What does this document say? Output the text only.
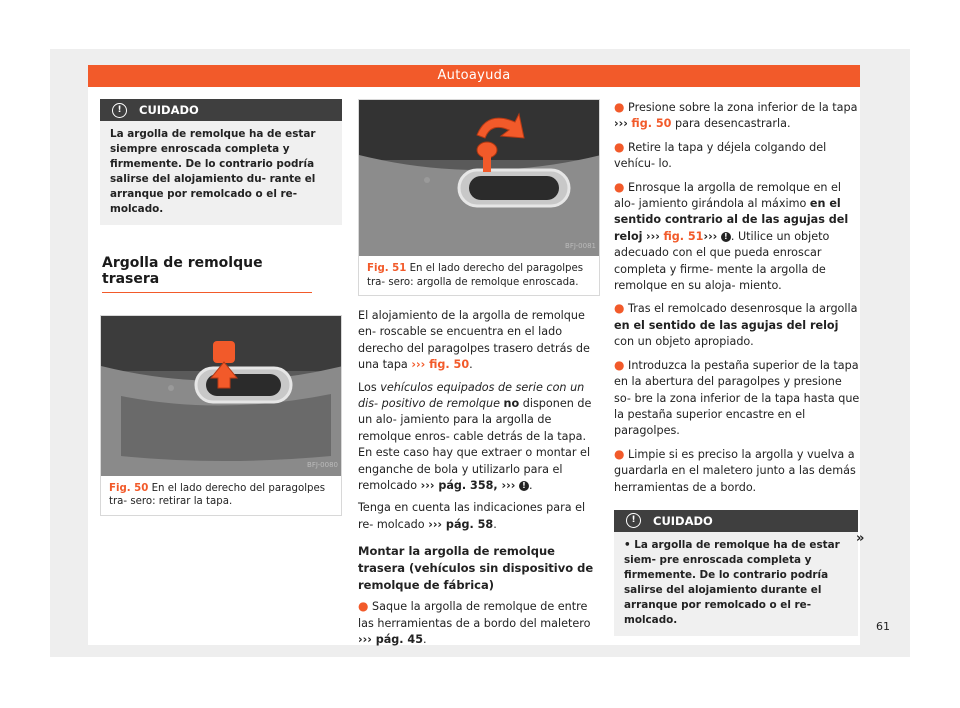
Autoayuda
!	CUIDADO
La argolla de remolque ha de estar siempre enroscada completa y firmemente. De lo contrario podría salirse del alojamiento du- rante el arranque por remolcado o el re- molcado.
Argolla de remolque trasera
BFJ-0080
Fig. 50 En el lado derecho del paragolpes tra- sero: retirar la tapa.
BFJ-0081
Fig. 51 En el lado derecho del paragolpes tra- sero: argolla de remolque enroscada.

El alojamiento de la argolla de remolque en- roscable se encuentra en el lado derecho del paragolpes trasero detrás de una tapa ››› fig. 50.

Los vehículos equipados de serie con un dis- positivo de remolque no disponen de un alo- jamiento para la argolla de remolque enros- cable detrás de la tapa. En este caso hay que extraer o montar el enganche de bola y utilizarlo para el remolcado ››› pág. 358, ››› ! .

Tenga en cuenta las indicaciones para el re- molcado ››› pág. 58.

Montar la argolla de remolque trasera (vehículos sin dispositivo de remolque de fábrica)

● Saque la argolla de remolque de entre las herramientas de a bordo del maletero ››› pág. 45.

● Presione sobre la zona inferior de la tapa ››› fig. 50 para desencastrarla.

● Retire la tapa y déjela colgando del vehícu- lo.

● Enrosque la argolla de remolque en el alo- jamiento girándola al máximo en el sentido contrario al de las agujas del reloj ››› fig. 51››› ! . Utilice un objeto adecuado con el que pueda enroscar completa y firme- mente la argolla de remolque en su aloja- miento.

● Tras el remolcado desenrosque la argolla en el sentido de las agujas del reloj con un objeto apropiado.

● Introduzca la pestaña superior de la tapa en la abertura del paragolpes y presione so- bre la zona inferior de la tapa hasta que la pestaña superior encastre en el paragolpes.

● Limpie si es preciso la argolla y vuelva a guardarla en el maletero junto a las demás herramientas de a bordo.

!	CUIDADO
• La argolla de remolque ha de estar siem- pre enroscada completa y firmemente. De lo contrario podría salirse del alojamiento durante el arranque por remolcado o el re- molcado.
»
61
